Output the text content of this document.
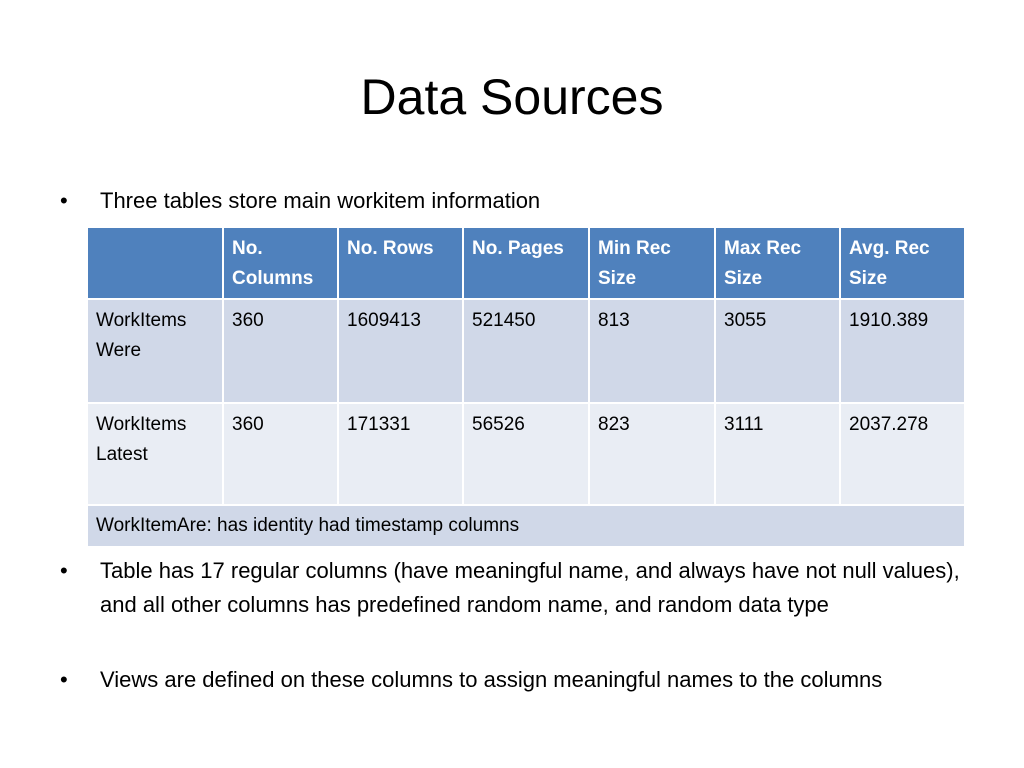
Data Sources
• Three tables store main workitem information
	No. Columns	No. Rows	No. Pages	Min Rec Size	Max Rec Size	Avg. Rec Size
WorkItems Were	360	1609413	521450	813	3055	1910.389
WorkItems Latest	360	171331	56526	823	3111	2037.278
WorkItemAre: has identity had timestamp columns						
• Table has 17 regular columns (have meaningful name, and always have not null values), and all other columns has predefined random name, and random data type
• Views are defined on these columns to assign meaningful names to the columns
